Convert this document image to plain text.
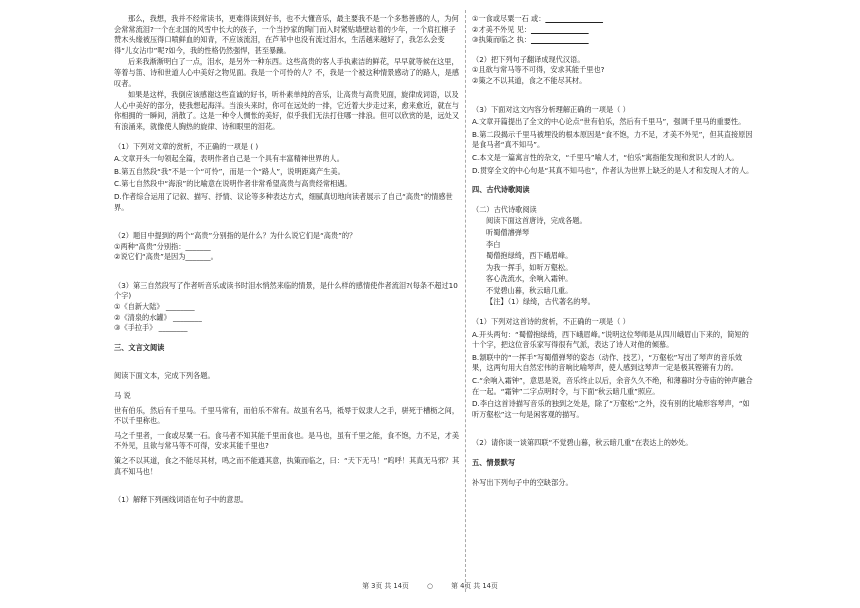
那么，我想，我并不经常读书，更难得读到好书，也不大懂音乐，最主要我不是一个多愁善感的人，为何会常常流泪?一个在北国的风雪中长大的孩子，一个当抄家的陶门而入时紧贴墙壁站着的少年，一个肩扛檩子赞木头缘被压得口喷鲜血的知青，不应该流泪，在芦苇中也没有流过泪水，生活越来越好了，我怎么会变得“儿女沾巾”呢?如今，我的性格仍然强悍，甚至暴躁。

后来我渐渐明白了一点，泪水，是另外一种东西。这些高贵的客人手执素洁的鲜花，早早就等候在这里，等着与笛、诗和世道人心中美好之物见面。我是一个可怜的人？不，我是一个被这种情景感动了的路人，是感叹者。

如果是这样，我倒应该感谢这些直诚的好书，听朴素单纯的音乐，让高贵与高贵见面，旋律成词语，以及人心中美好的部分，使我想起海洋。当浪头来时，你可在远处的一排，它近着大步走过来，愈来愈近，就在与你相拥的一瞬间，消散了。这是一种令人惆怅的美好，似乎我们无法打住哪一排浪。但可以欣赏的是，远处又有浪涌来，就像使人胸热的旋律、诗和眼里的泪花。

（1）下列对文章的赏析，不正确的一项是 ( )

A.文章开头一句领起全篇，表明作者自己是一个具有丰富精神世界的人。

B.第五自然段“我”不是一个“可怜”，而是一个“路人”，说明距离产生美。

C.第七自然段中“海浪”的比喻意在说明作者非常希望高贵与高贵经常相遇。

D.作者综合运用了记叙、描写、抒情、议论等多种表达方式，细腻真切地向读者展示了自己“高贵”的情感世界。

（2）题目中提到的两个“高贵”分别指的是什么？为什么说它们是“高贵”的？

①两种“高贵”分别指：_______

②说它们“高贵”是因为_______。

（3）第三自然段写了作者听音乐或读书时泪水悄然来临的情景，是什么样的感情使作者流泪?(每条不超过10个字)

①《自新大陆》 ________

②《清泉的水罐》 ________

③《手拉手》 ________

三、文言文阅读

阅读下面文本，完成下列各题。

马 说

世有伯乐，然后有千里马。千里马常有，而伯乐不常有。故虽有名马，祗辱于奴隶人之手，骈死于槽枥之间，不以千里称也。

马之千里者，一食或尽粟一石。食马者不知其能千里而食也。是马也，虽有千里之能，食不饱，力不足，才美不外见，且欲与常马等不可得，安求其能千里也?

策之不以其道，食之不能尽其材，鸣之而不能通其意，执策而临之，曰：“天下无马！”呜呼！其真无马邪？其真不知马也！

（1）解释下列画线词语在句子中的意思。

①一食或尽粟一石 或：________________

②才美不外见 见：________________

③执策而临之 执：________________

（2）把下列句子翻译成现代汉语。

①且欲与常马等不可得，安求其能千里也?

②策之不以其道，食之不能尽其材。

（3）下面对这文内容分析理解正确的一项是（ ）

A.文章开篇提出了全文的中心论点“世有伯乐，然后有千里马”，强调千里马的重要性。

B.第二段揭示千里马被埋没的根本原因是“食不饱，力不足，才美不外见”，但其直接原因是食马者“真不知马”。

C.本文是一篇寓言性的杂文，“千里马”喻人才，“伯乐”寓指能发现和赏识人才的人。

D.贯穿全文的中心句是“其真不知马也”，作者认为世界上缺乏的是人才和发现人才的人。

四、古代诗歌阅读

（二）古代诗歌阅读

阅读下面这首唐诗，完成各题。

听蜀僧濬弹琴

李白

蜀僧抱绿绮，西下峨眉峰。

为我一挥手，如听万壑松。

客心洗流水，余响入霜钟。

不觉碧山暮，秋云暗几重。

【注】（1）绿绮，古代著名的琴。

（1）下列对这首诗的赏析，不正确的一项是（ ）

A.开头两句：“蜀僧抱绿绮，西下峨眉峰。”说明这位琴师是从四川峨眉山下来的，简短的十个字，把这位音乐家写得很有气派，表达了诗人对他的倾慕。

B.颔联中的“一挥手”写蜀僧弹琴的姿态（动作、技艺），“万壑松”写出了琴声的音乐效果，这两句用大自然宏伟的音响比喻琴声，使人感到这琴声一定是极其铿锵有力的。

C.“余响入霜钟”，意思是说，音乐终止以后，余音久久不绝，和薄暮时分寺庙的钟声融合在一起。“霜钟”二字点明时令，与下面“秋云暗几重”照应。

D.李白这首诗描写音乐的独到之处是，除了“万壑松”之外，没有别的比喻形容琴声，“如听万壑松”这一句是闲客观的描写。

（2）请你谈一谈第四联“不觉碧山暮，秋云暗几重”在表达上的妙处。

五、情景默写

补写出下列句子中的空缺部分。

第 3页 共 14页	○	第 4页 共 14页
